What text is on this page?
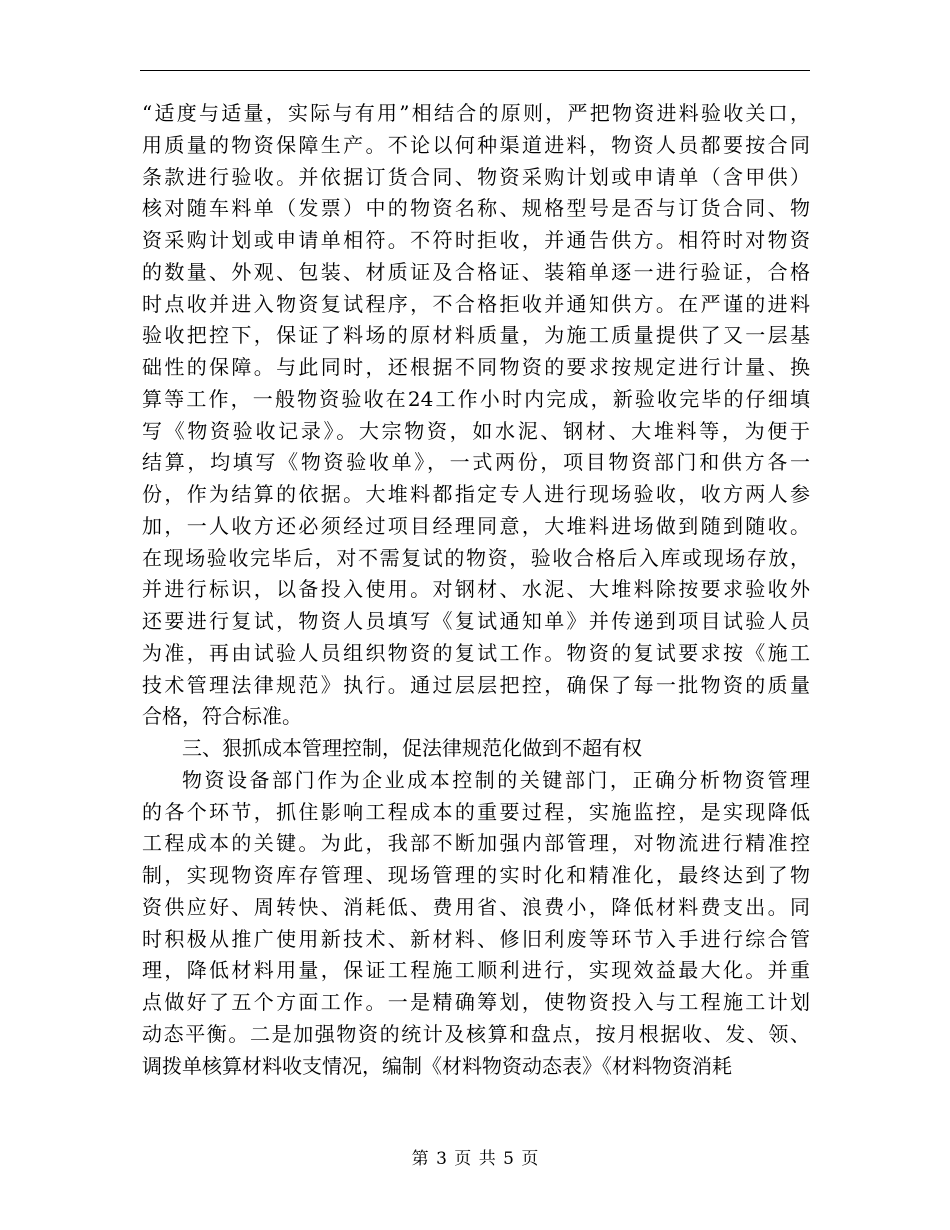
“适度与适量，实际与有用”相结合的原则，严把物资进料验收关口，
用质量的物资保障生产。不论以何种渠道进料，物资人员都要按合同
条款进行验收。并依据订货合同、物资采购计划或申请单（含甲供）
核对随车料单（发票）中的物资名称、规格型号是否与订货合同、物
资采购计划或申请单相符。不符时拒收，并通告供方。相符时对物资
的数量、外观、包装、材质证及合格证、装箱单逐一进行验证，合格
时点收并进入物资复试程序，不合格拒收并通知供方。在严谨的进料
验收把控下，保证了料场的原材料质量，为施工质量提供了又一层基
础性的保障。与此同时，还根据不同物资的要求按规定进行计量、换
算等工作，一般物资验收在24工作小时内完成，新验收完毕的仔细填
写《物资验收记录》。大宗物资，如水泥、钢材、大堆料等，为便于
结算，均填写《物资验收单》，一式两份，项目物资部门和供方各一
份，作为结算的依据。大堆料都指定专人进行现场验收，收方两人参
加，一人收方还必须经过项目经理同意，大堆料进场做到随到随收。
在现场验收完毕后，对不需复试的物资，验收合格后入库或现场存放，
并进行标识，以备投入使用。对钢材、水泥、大堆料除按要求验收外
还要进行复试，物资人员填写《复试通知单》并传递到项目试验人员
为准，再由试验人员组织物资的复试工作。物资的复试要求按《施工
技术管理法律规范》执行。通过层层把控，确保了每一批物资的质量
合格，符合标准。
三、狠抓成本管理控制，促法律规范化做到不超有权
物资设备部门作为企业成本控制的关键部门，正确分析物资管理
的各个环节，抓住影响工程成本的重要过程，实施监控，是实现降低
工程成本的关键。为此，我部不断加强内部管理，对物流进行精准控
制，实现物资库存管理、现场管理的实时化和精准化，最终达到了物
资供应好、周转快、消耗低、费用省、浪费小，降低材料费支出。同
时积极从推广使用新技术、新材料、修旧利废等环节入手进行综合管
理，降低材料用量，保证工程施工顺利进行，实现效益最大化。并重
点做好了五个方面工作。一是精确筹划，使物资投入与工程施工计划
动态平衡。二是加强物资的统计及核算和盘点，按月根据收、发、领、
调拨单核算材料收支情况，编制《材料物资动态表》《材料物资消耗
第 3 页 共 5 页
